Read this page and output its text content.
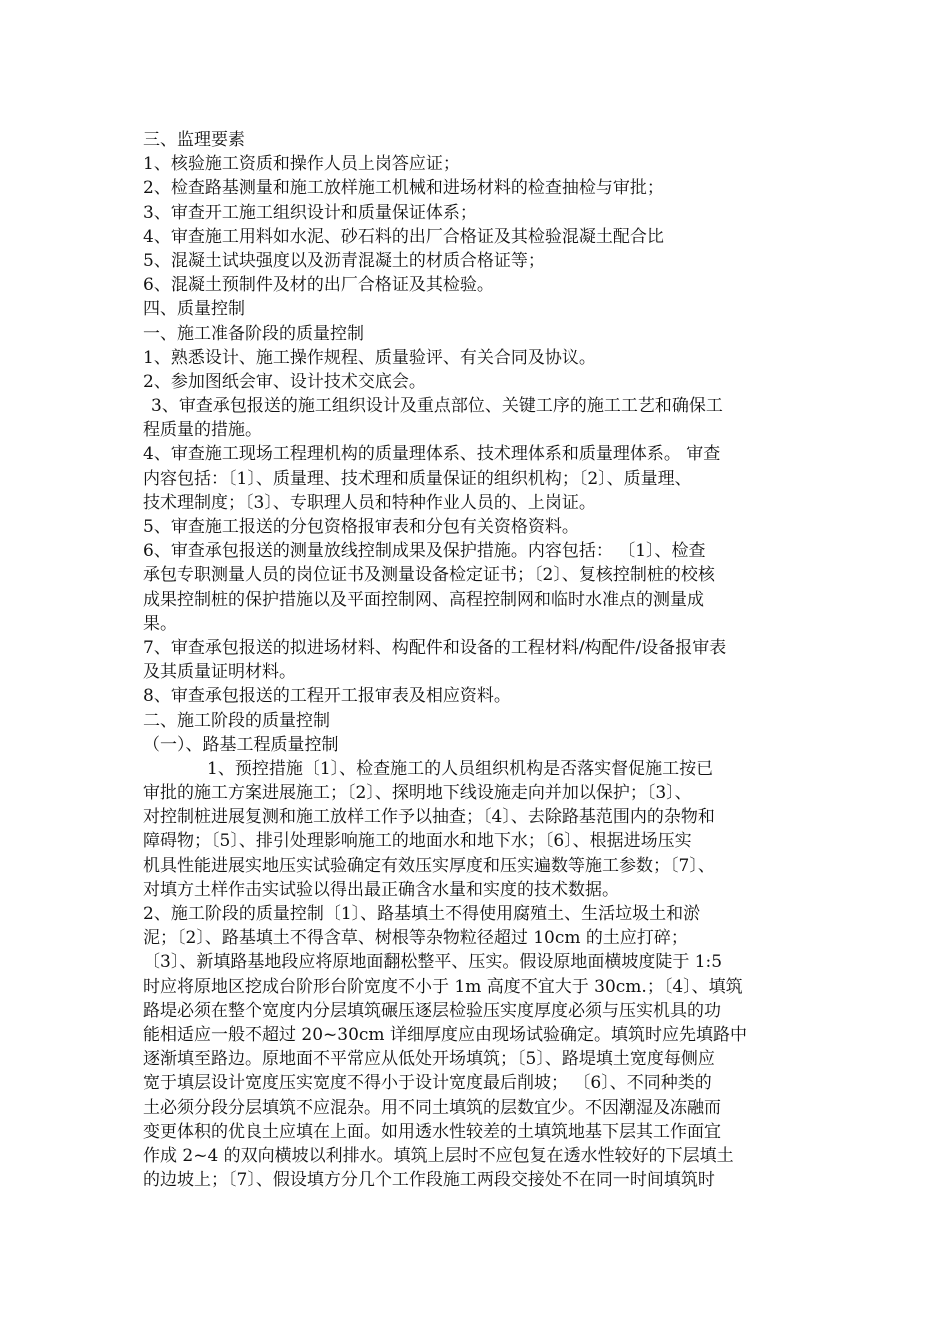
三、监理要素
1、核验施工资质和操作人员上岗答应证；
2、检查路基测量和施工放样施工机械和进场材料的检查抽检与审批；
3、审查开工施工组织设计和质量保证体系；
4、审查施工用料如水泥、砂石料的出厂合格证及其检验混凝土配合比
5、混凝土试块强度以及沥青混凝土的材质合格证等；
6、混凝土预制件及材的出厂合格证及其检验。
四、质量控制
一、施工准备阶段的质量控制
1、熟悉设计、施工操作规程、质量验评、有关合同及协议。
2、参加图纸会审、设计技术交底会。
3、审查承包报送的施工组织设计及重点部位、关键工序的施工工艺和确保工
程质量的措施。
4、审查施工现场工程理机构的质量理体系、技术理体系和质量理体系。 审查
内容包括：〔1〕、质量理、技术理和质量保证的组织机构；〔2〕、质量理、
技术理制度；〔3〕、专职理人员和特种作业人员的、上岗证。
5、审查施工报送的分包资格报审表和分包有关资格资料。
6、审查承包报送的测量放线控制成果及保护措施。内容包括： 〔1〕、检查
承包专职测量人员的岗位证书及测量设备检定证书；〔2〕、复核控制桩的校核
成果控制桩的保护措施以及平面控制网、高程控制网和临时水准点的测量成
果。
7、审查承包报送的拟进场材料、构配件和设备的工程材料/构配件/设备报审表
及其质量证明材料。
8、审查承包报送的工程开工报审表及相应资料。
二、施工阶段的质量控制
（一）、路基工程质量控制
1、预控措施〔1〕、检查施工的人员组织机构是否落实督促施工按已
审批的施工方案进展施工；〔2〕、探明地下线设施走向并加以保护；〔3〕、
对控制桩进展复测和施工放样工作予以抽查；〔4〕、去除路基范围内的杂物和
障碍物；〔5〕、排引处理影响施工的地面水和地下水；〔6〕、根据进场压实
机具性能进展实地压实试验确定有效压实厚度和压实遍数等施工参数；〔7〕、
对填方土样作击实试验以得出最正确含水量和实度的技术数据。
2、施工阶段的质量控制〔1〕、路基填土不得使用腐殖土、生活垃圾土和淤
泥；〔2〕、路基填土不得含草、树根等杂物粒径超过 10cm 的土应打碎；
〔3〕、新填路基地段应将原地面翻松整平、压实。假设原地面横坡度陡于 1:5
时应将原地区挖成台阶形台阶宽度不小于 1m 高度不宜大于 30cm.；〔4〕、填筑
路堤必须在整个宽度内分层填筑碾压逐层检验压实度厚度必须与压实机具的功
能相适应一般不超过 20~30cm 详细厚度应由现场试验确定。填筑时应先填路中
逐渐填至路边。原地面不平常应从低处开场填筑；〔5〕、路堤填土宽度每侧应
宽于填层设计宽度压实宽度不得小于设计宽度最后削坡； 〔6〕、不同种类的
土必须分段分层填筑不应混杂。用不同土填筑的层数宜少。不因潮湿及冻融而
变更体积的优良土应填在上面。如用透水性较差的土填筑地基下层其工作面宜
作成 2~4 的双向横坡以利排水。填筑上层时不应包复在透水性较好的下层填土
的边坡上；〔7〕、假设填方分几个工作段施工两段交接处不在同一时间填筑时
